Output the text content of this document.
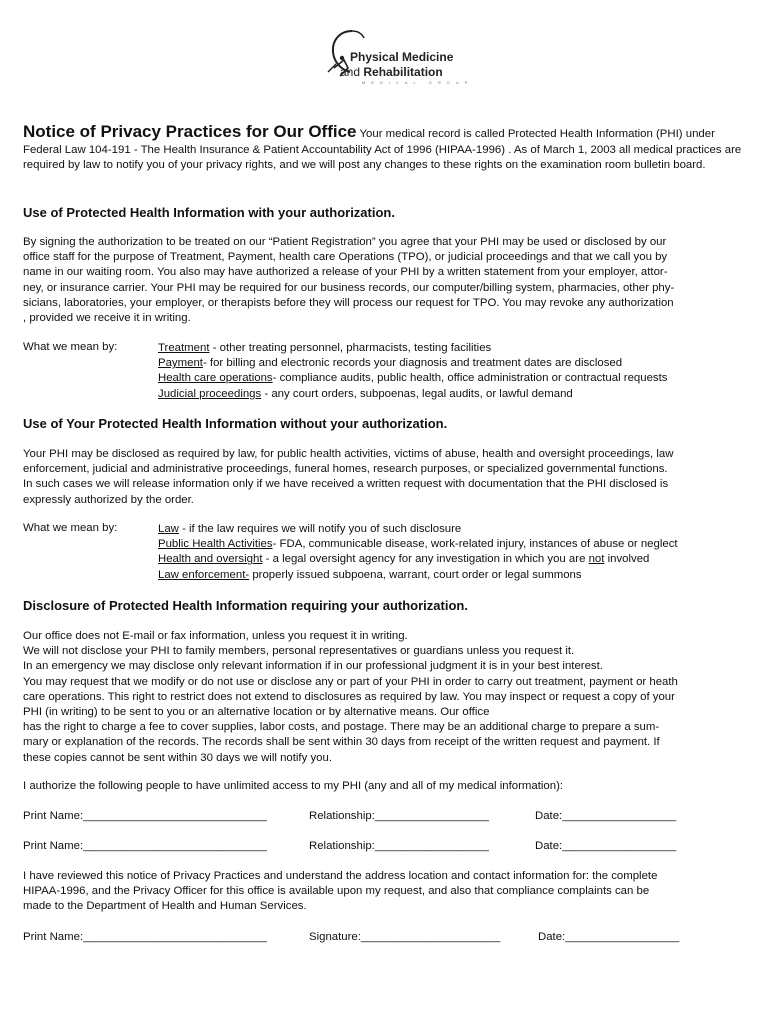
Physical Medicine
and Rehabilitation
MEDICAL GROUP
Notice of Privacy Practices for Our Office Your medical record is called Protected Health Information (PHI) under Federal Law 104-191 - The Health Insurance & Patient Accountability Act of 1996 (HIPAA-1996) . As of March 1, 2003 all medical practices are required by law to notify you of your privacy rights, and we will post any changes to these rights on the examination room bulletin board.
Use of Protected Health Information with your authorization.
By signing the authorization to be treated on our “Patient Registration” you agree that your PHI may be used or disclosed by our
office staff for the purpose of Treatment, Payment, health care Operations (TPO), or judicial proceedings and that we call you by
name in our waiting room. You also may have authorized a release of your PHI by a written statement from your employer, attor-
ney, or insurance carrier. Your PHI may be required for our business records, our computer/billing system, pharmacies, other phy-
sicians, laboratories, your employer, or therapists before they will process our request for TPO. You may revoke any authorization
, provided we receive it in writing.
What we mean by:	Treatment - other treating personnel, pharmacists, testing facilities
Payment- for billing and electronic records your diagnosis and treatment dates are disclosed
Health care operations- compliance audits, public health, office administration or contractual requests
Judicial proceedings - any court orders, subpoenas, legal audits, or lawful demand
Use of Your Protected Health Information without your authorization.
Your PHI may be disclosed as required by law, for public health activities, victims of abuse, health and oversight proceedings, law
enforcement, judicial and administrative proceedings, funeral homes, research purposes, or specialized governmental functions.
In such cases we will release information only if we have received a written request with documentation that the PHI disclosed is
expressly authorized by the order.
What we mean by:	Law - if the law requires we will notify you of such disclosure
Public Health Activities- FDA, communicable disease, work-related injury, instances of abuse or neglect
Health and oversight - a legal oversight agency for any investigation in which you are not involved
Law enforcement- properly issued subpoena, warrant, court order or legal summons
Disclosure of Protected Health Information requiring your authorization.
Our office does not E-mail or fax information, unless you request it in writing.
We will not disclose your PHI to family members, personal representatives or guardians unless you request it.
In an emergency we may disclose only relevant information if in our professional judgment it is in your best interest.
You may request that we modify or do not use or disclose any or part of your PHI in order to carry out treatment, payment or heath
care operations. This right to restrict does not extend to disclosures as required by law. You may inspect or request a copy of your
PHI (in writing) to be sent to you or an alternative location or by alternative means. Our office
has the right to charge a fee to cover supplies, labor costs, and postage. There may be an additional charge to prepare a sum-
mary or explanation of the records. The records shall be sent within 30 days from receipt of the written request and payment. If
these copies cannot be sent within 30 days we will notify you.
I authorize the following people to have unlimited access to my PHI (any and all of my medical information):
Print Name:_____________________________	Relationship:__________________	Date:__________________
Print Name:_____________________________	Relationship:__________________	Date:__________________
I have reviewed this notice of Privacy Practices and understand the address location and contact information for: the complete
HIPAA-1996, and the Privacy Officer for this office is available upon my request, and also that compliance complaints can be
made to the Department of Health and Human Services.
Print Name:_____________________________	Signature:______________________	Date:__________________
